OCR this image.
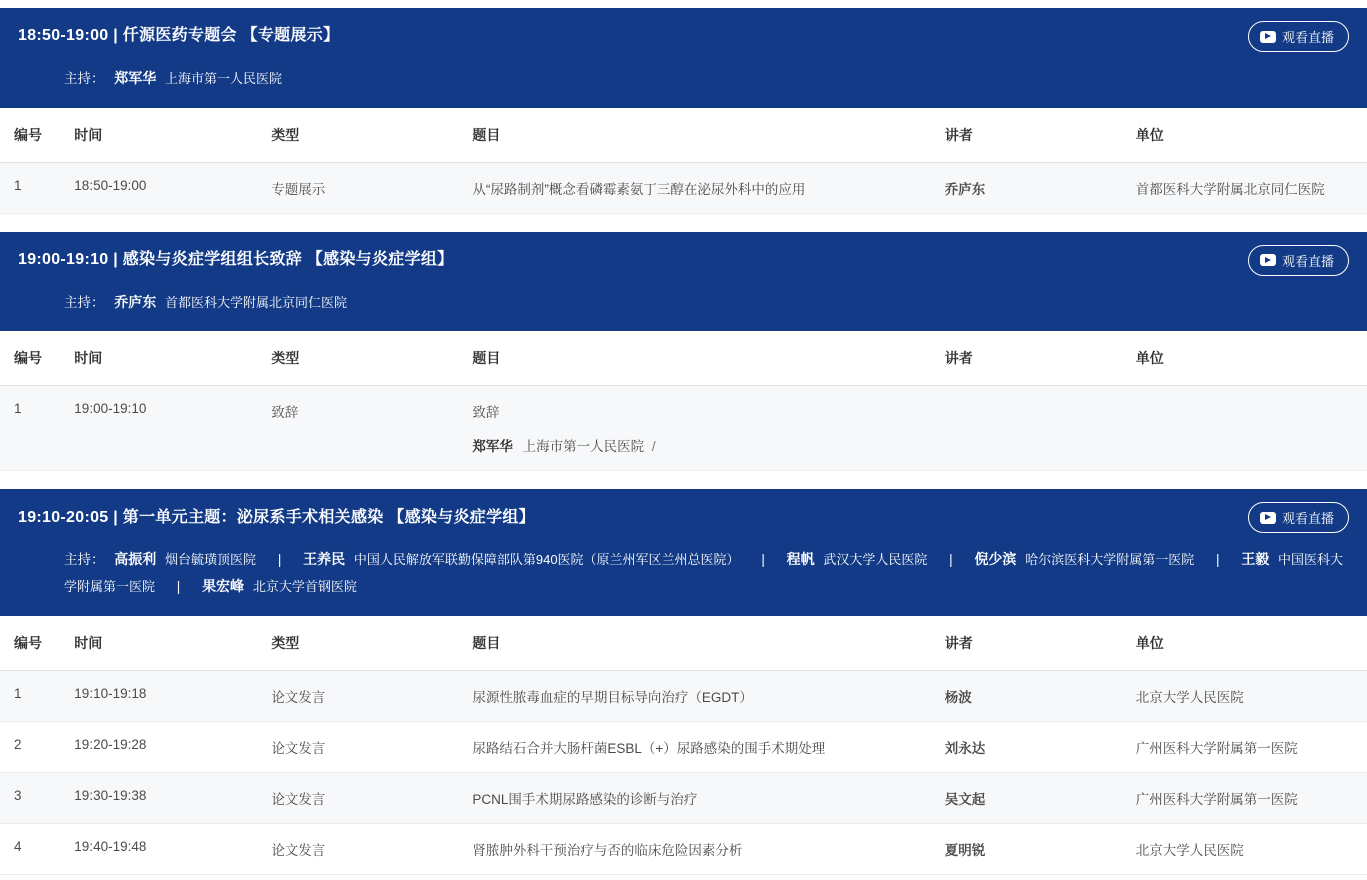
18:50-19:00 | 仟源医药专题会 【专题展示】	观看直播
主持： 郑军华 上海市第一人民医院
编号	时间	类型	题目	讲者	单位
1	18:50-19:00	专题展示	从“尿路制剂”概念看磷霉素氨丁三醇在泌尿外科中的应用	乔庐东	首都医科大学附属北京同仁医院
19:00-19:10 | 感染与炎症学组组长致辞 【感染与炎症学组】	观看直播
主持： 乔庐东 首都医科大学附属北京同仁医院
编号	时间	类型	题目	讲者	单位
1	19:00-19:10	致辞	致辞
郑军华 上海市第一人民医院 /		

19:10-20:05 | 第一单元主题：泌尿系手术相关感染 【感染与炎症学组】	观看直播
主持： 高振利 烟台毓璜顶医院 | 王养民 中国人民解放军联勤保障部队第940医院（原兰州军区兰州总医院） | 程帆 武汉大学人民医院 | 倪少滨 哈尔滨医科大学附属第一医院 | 王毅 中国医科大学附属第一医院 | 果宏峰 北京大学首钢医院
编号	时间	类型	题目	讲者	单位
1	19:10-19:18	论文发言	尿源性脓毒血症的早期目标导向治疗（EGDT）	杨波	北京大学人民医院
2	19:20-19:28	论文发言	尿路结石合并大肠杆菌ESBL（+）尿路感染的围手术期处理	刘永达	广州医科大学附属第一医院
3	19:30-19:38	论文发言	PCNL围手术期尿路感染的诊断与治疗	吴文起	广州医科大学附属第一医院
4	19:40-19:48	论文发言	肾脓肿外科干预治疗与否的临床危险因素分析	夏明锐	北京大学人民医院
